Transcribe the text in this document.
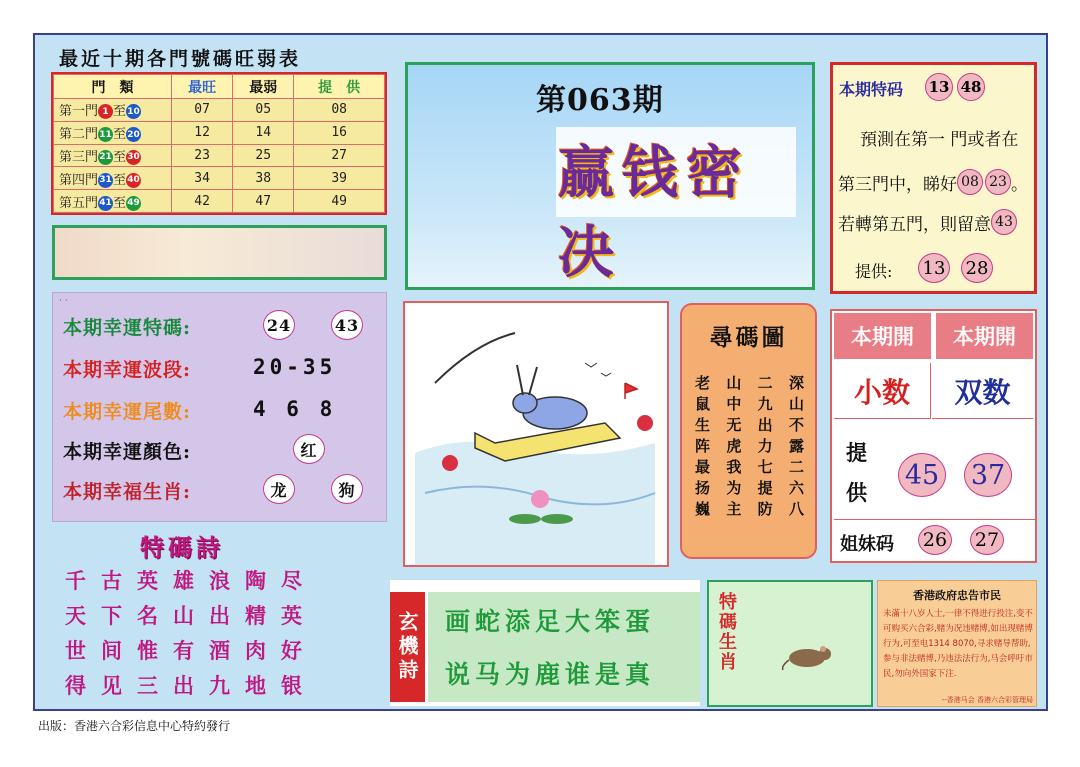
最近十期各門號碼旺弱表
門　類	最旺	最弱	提　供
第一門 1 至10	07	05	08
第二門11至20	12	14	16
第三門21至30	23	25	27
第四門31至40	34	38	39
第五門41至49	42	47	49
第063期
赢钱密决
本期特码 13 48
預測在第一 門或者在
第三門中，睇好 08 23 。
若轉第五門，則留意 43
提供: 13 28
· ·
本期幸運特碼:	24	43
本期幸運波段:	20-35
本期幸運尾數:	4 6 8
本期幸運顏色:	红
本期幸福生肖:	龙	狗
尋碼圖
老鼠生阵最扬巍 山中无虎我为主 二九出力七提防 深山不露二六八
本期開	本期開
小数	双数
提供
45 37
姐妹码 26 27
特碼詩
千古英雄浪陶尽
天下名山出精英
世间惟有酒肉好
得见三出九地银
玄機詩 画蛇添足大笨蛋
说马为鹿谁是真
特碼生肖	香港政府忠告市民
未滿十八岁人士,一律不得进行投注,变不可购买六合彩,赌为况违赌博,如出现赌博行为,可至电1314 8070,寻求赌导帮助,参与非法赌博,乃违法法行为,马会呼吁市民,勿向外国家下注.
--香港马会 香港六合彩管理局
出版：香港六合彩信息中心特約發行
